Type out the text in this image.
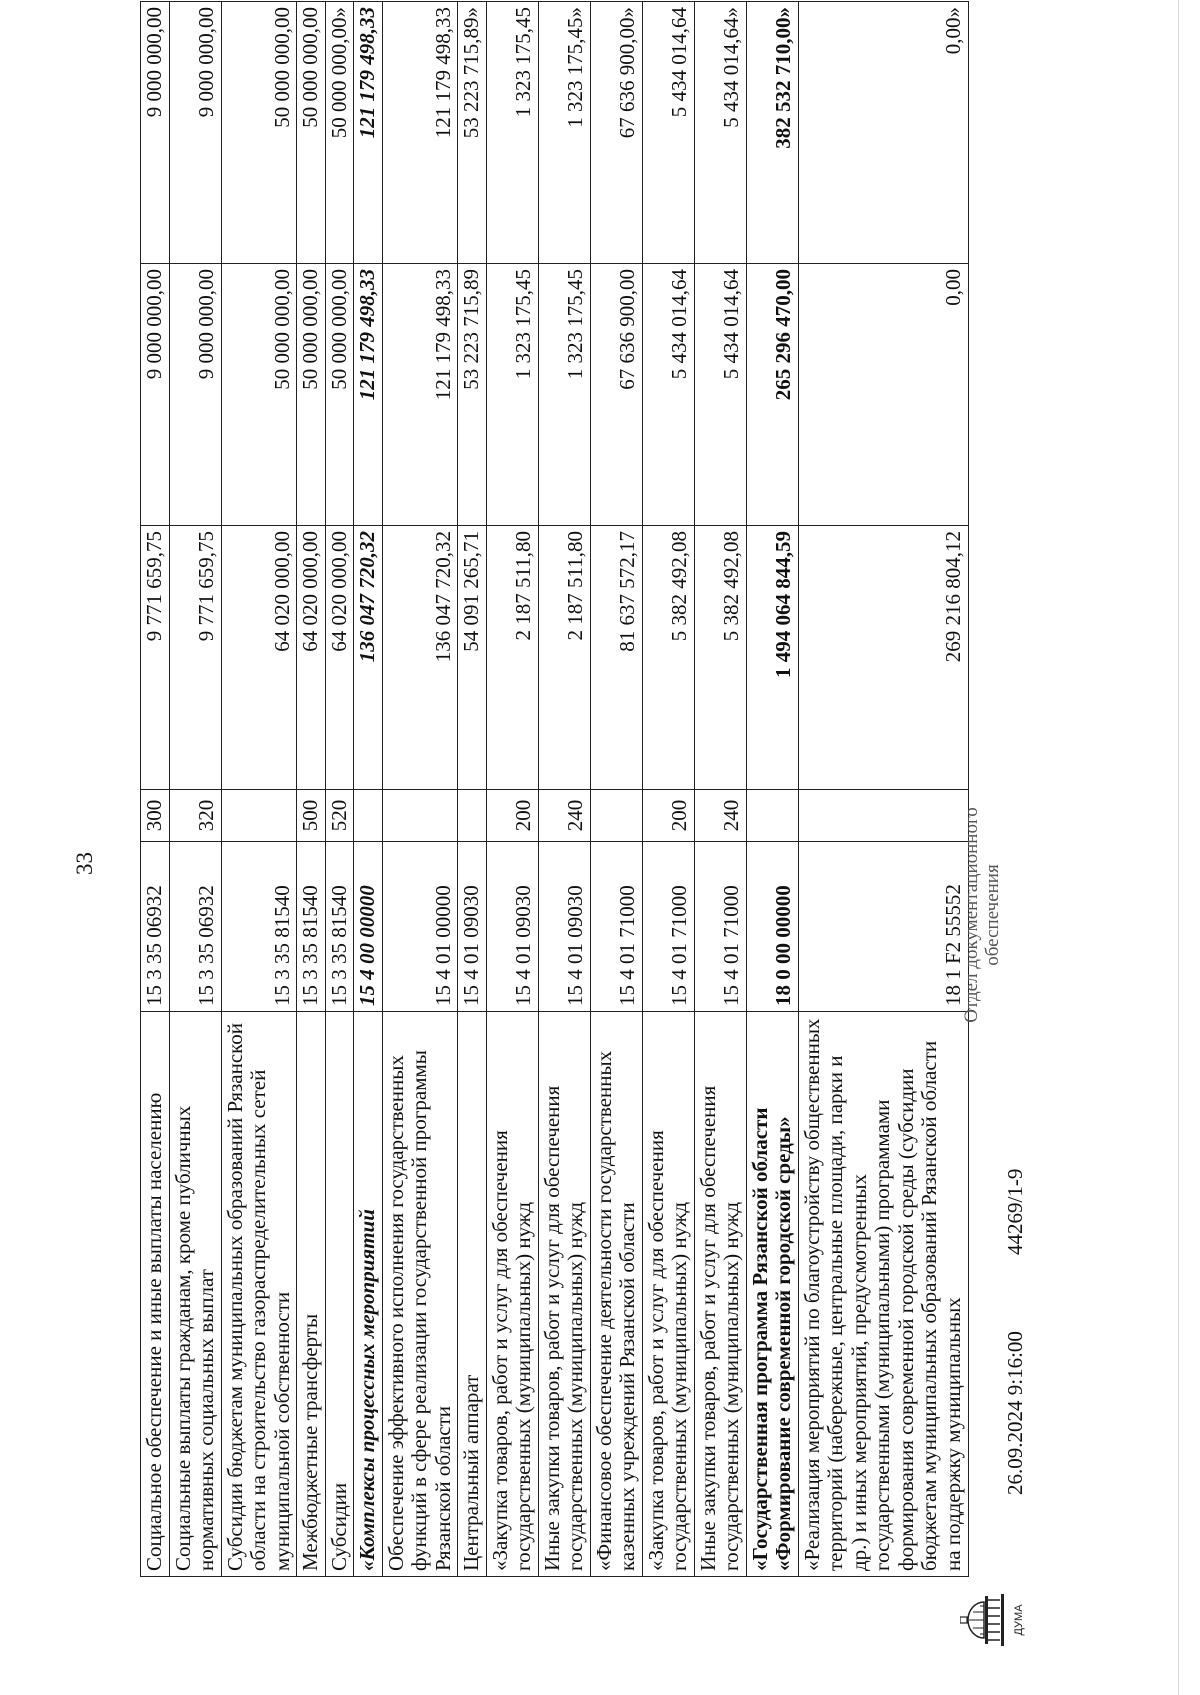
33
Социальное обеспечение и иные выплаты населению	15 3 35 06932	300	9 771 659,75	9 000 000,00	9 000 000,00
Социальные выплаты гражданам, кроме публичных нормативных социальных выплат	15 3 35 06932	320	9 771 659,75	9 000 000,00	9 000 000,00
Субсидии бюджетам муниципальных образований Рязанской области на строительство газораспределительных сетей муниципальной собственности	15 3 35 81540		64 020 000,00	50 000 000,00	50 000 000,00
Межбюджетные трансферты	15 3 35 81540	500	64 020 000,00	50 000 000,00	50 000 000,00
Субсидии	15 3 35 81540	520	64 020 000,00	50 000 000,00	50 000 000,00»
«Комплексы процессных мероприятий	15 4 00 00000		136 047 720,32	121 179 498,33	121 179 498,33
Обеспечение эффективного исполнения государственных функций в сфере реализации государственной программы Рязанской области	15 4 01 00000		136 047 720,32	121 179 498,33	121 179 498,33
Центральный аппарат	15 4 01 09030		54 091 265,71	53 223 715,89	53 223 715,89»
«Закупка товаров, работ и услуг для обеспечения государственных (муниципальных) нужд	15 4 01 09030	200	2 187 511,80	1 323 175,45	1 323 175,45
Иные закупки товаров, работ и услуг для обеспечения государственных (муниципальных) нужд	15 4 01 09030	240	2 187 511,80	1 323 175,45	1 323 175,45»
«Финансовое обеспечение деятельности государственных казенных учреждений Рязанской области	15 4 01 71000		81 637 572,17	67 636 900,00	67 636 900,00»
«Закупка товаров, работ и услуг для обеспечения государственных (муниципальных) нужд	15 4 01 71000	200	5 382 492,08	5 434 014,64	5 434 014,64
Иные закупки товаров, работ и услуг для обеспечения государственных (муниципальных) нужд	15 4 01 71000	240	5 382 492,08	5 434 014,64	5 434 014,64»
«Государственная программа Рязанской области «Формирование современной городской среды»	18 0 00 00000		1 494 064 844,59	265 296 470,00	382 532 710,00»
«Реализация мероприятий по благоустройству общественных территорий (набережные, центральные площади, парки и др.) и иных мероприятий, предусмотренных государственными (муниципальными) программами формирования современной городской среды (субсидии бюджетам муниципальных образований Рязанской области на поддержку муниципальных	18 1 F2 55552		269 216 804,12	0,00	0,00»
ДУМА
26.09.2024 9:16:00
44269/1-9
Отдел документационного обеспечения
